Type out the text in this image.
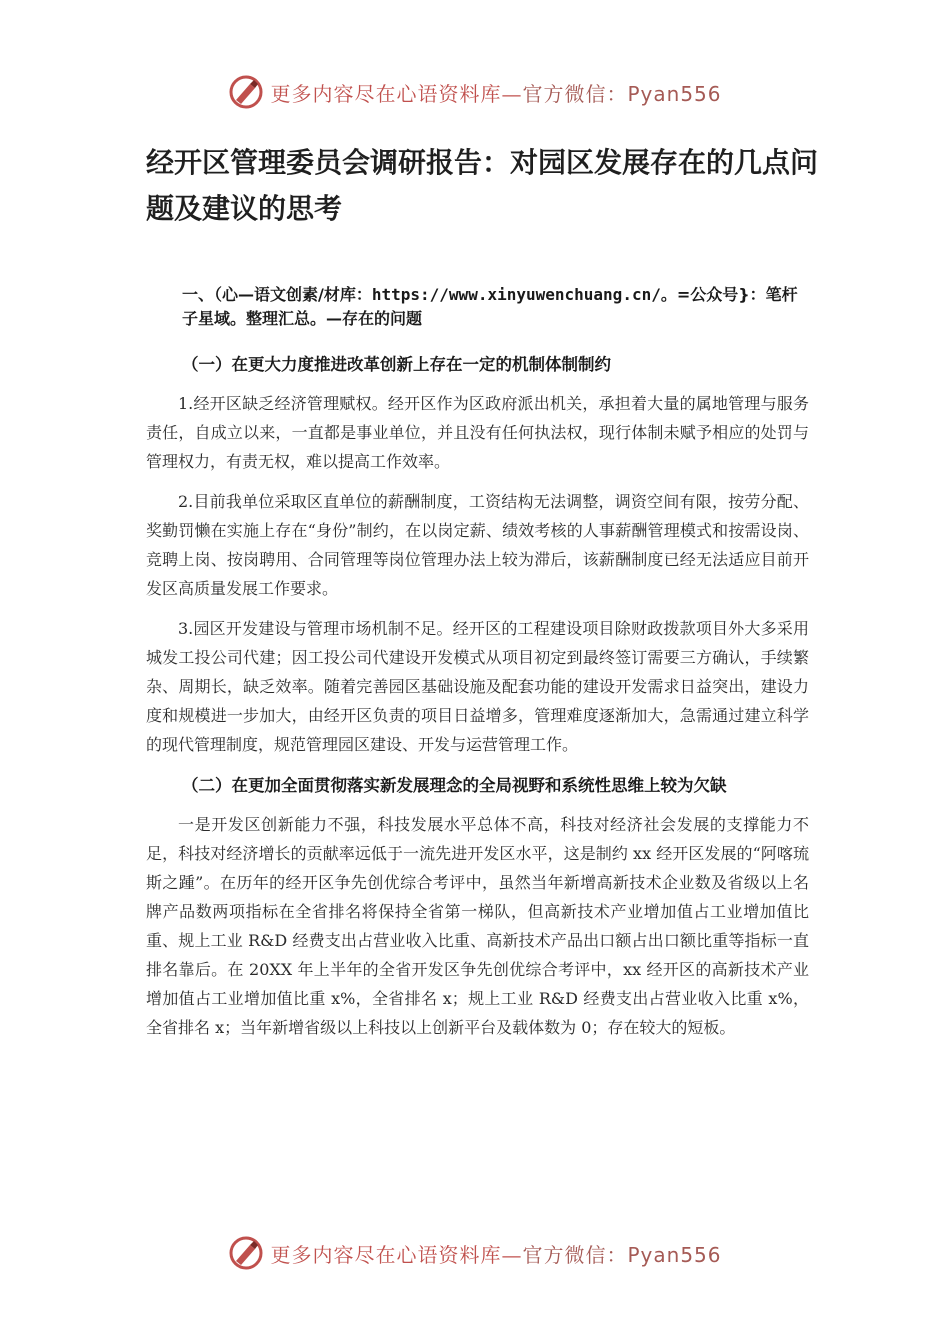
更多内容尽在心语资料库—官方微信：Pyan556
经开区管理委员会调研报告：对园区发展存在的几点问题及建议的思考

一、（心—语文创素/材库：https://www.xinyuwenchuang.cn/。=公众号}：笔杆子星域。整理汇总。—存在的问题

（一）在更大力度推进改革创新上存在一定的机制体制制约

1.经开区缺乏经济管理赋权。经开区作为区政府派出机关，承担着大量的属地管理与服务责任，自成立以来，一直都是事业单位，并且没有任何执法权，现行体制未赋予相应的处罚与管理权力，有责无权，难以提高工作效率。

2.目前我单位采取区直单位的薪酬制度，工资结构无法调整，调资空间有限，按劳分配、奖勤罚懒在实施上存在“身份”制约，在以岗定薪、绩效考核的人事薪酬管理模式和按需设岗、竞聘上岗、按岗聘用、合同管理等岗位管理办法上较为滞后，该薪酬制度已经无法适应目前开发区高质量发展工作要求。

3.园区开发建设与管理市场机制不足。经开区的工程建设项目除财政拨款项目外大多采用城发工投公司代建；因工投公司代建设开发模式从项目初定到最终签订需要三方确认，手续繁杂、周期长，缺乏效率。随着完善园区基础设施及配套功能的建设开发需求日益突出，建设力度和规模进一步加大，由经开区负责的项目日益增多，管理难度逐渐加大，急需通过建立科学的现代管理制度，规范管理园区建设、开发与运营管理工作。

（二）在更加全面贯彻落实新发展理念的全局视野和系统性思维上较为欠缺

一是开发区创新能力不强，科技发展水平总体不高，科技对经济社会发展的支撑能力不足，科技对经济增长的贡献率远低于一流先进开发区水平，这是制约 xx 经开区发展的“阿喀琉斯之踵”。在历年的经开区争先创优综合考评中，虽然当年新增高新技术企业数及省级以上名牌产品数两项指标在全省排名将保持全省第一梯队，但高新技术产业增加值占工业增加值比重、规上工业 R&D 经费支出占营业收入比重、高新技术产品出口额占出口额比重等指标一直排名靠后。在 20XX 年上半年的全省开发区争先创优综合考评中，xx 经开区的高新技术产业增加值占工业增加值比重 x%，全省排名 x；规上工业 R&D 经费支出占营业收入比重 x%，全省排名 x；当年新增省级以上科技以上创新平台及载体数为 0；存在较大的短板。

更多内容尽在心语资料库—官方微信：Pyan556
